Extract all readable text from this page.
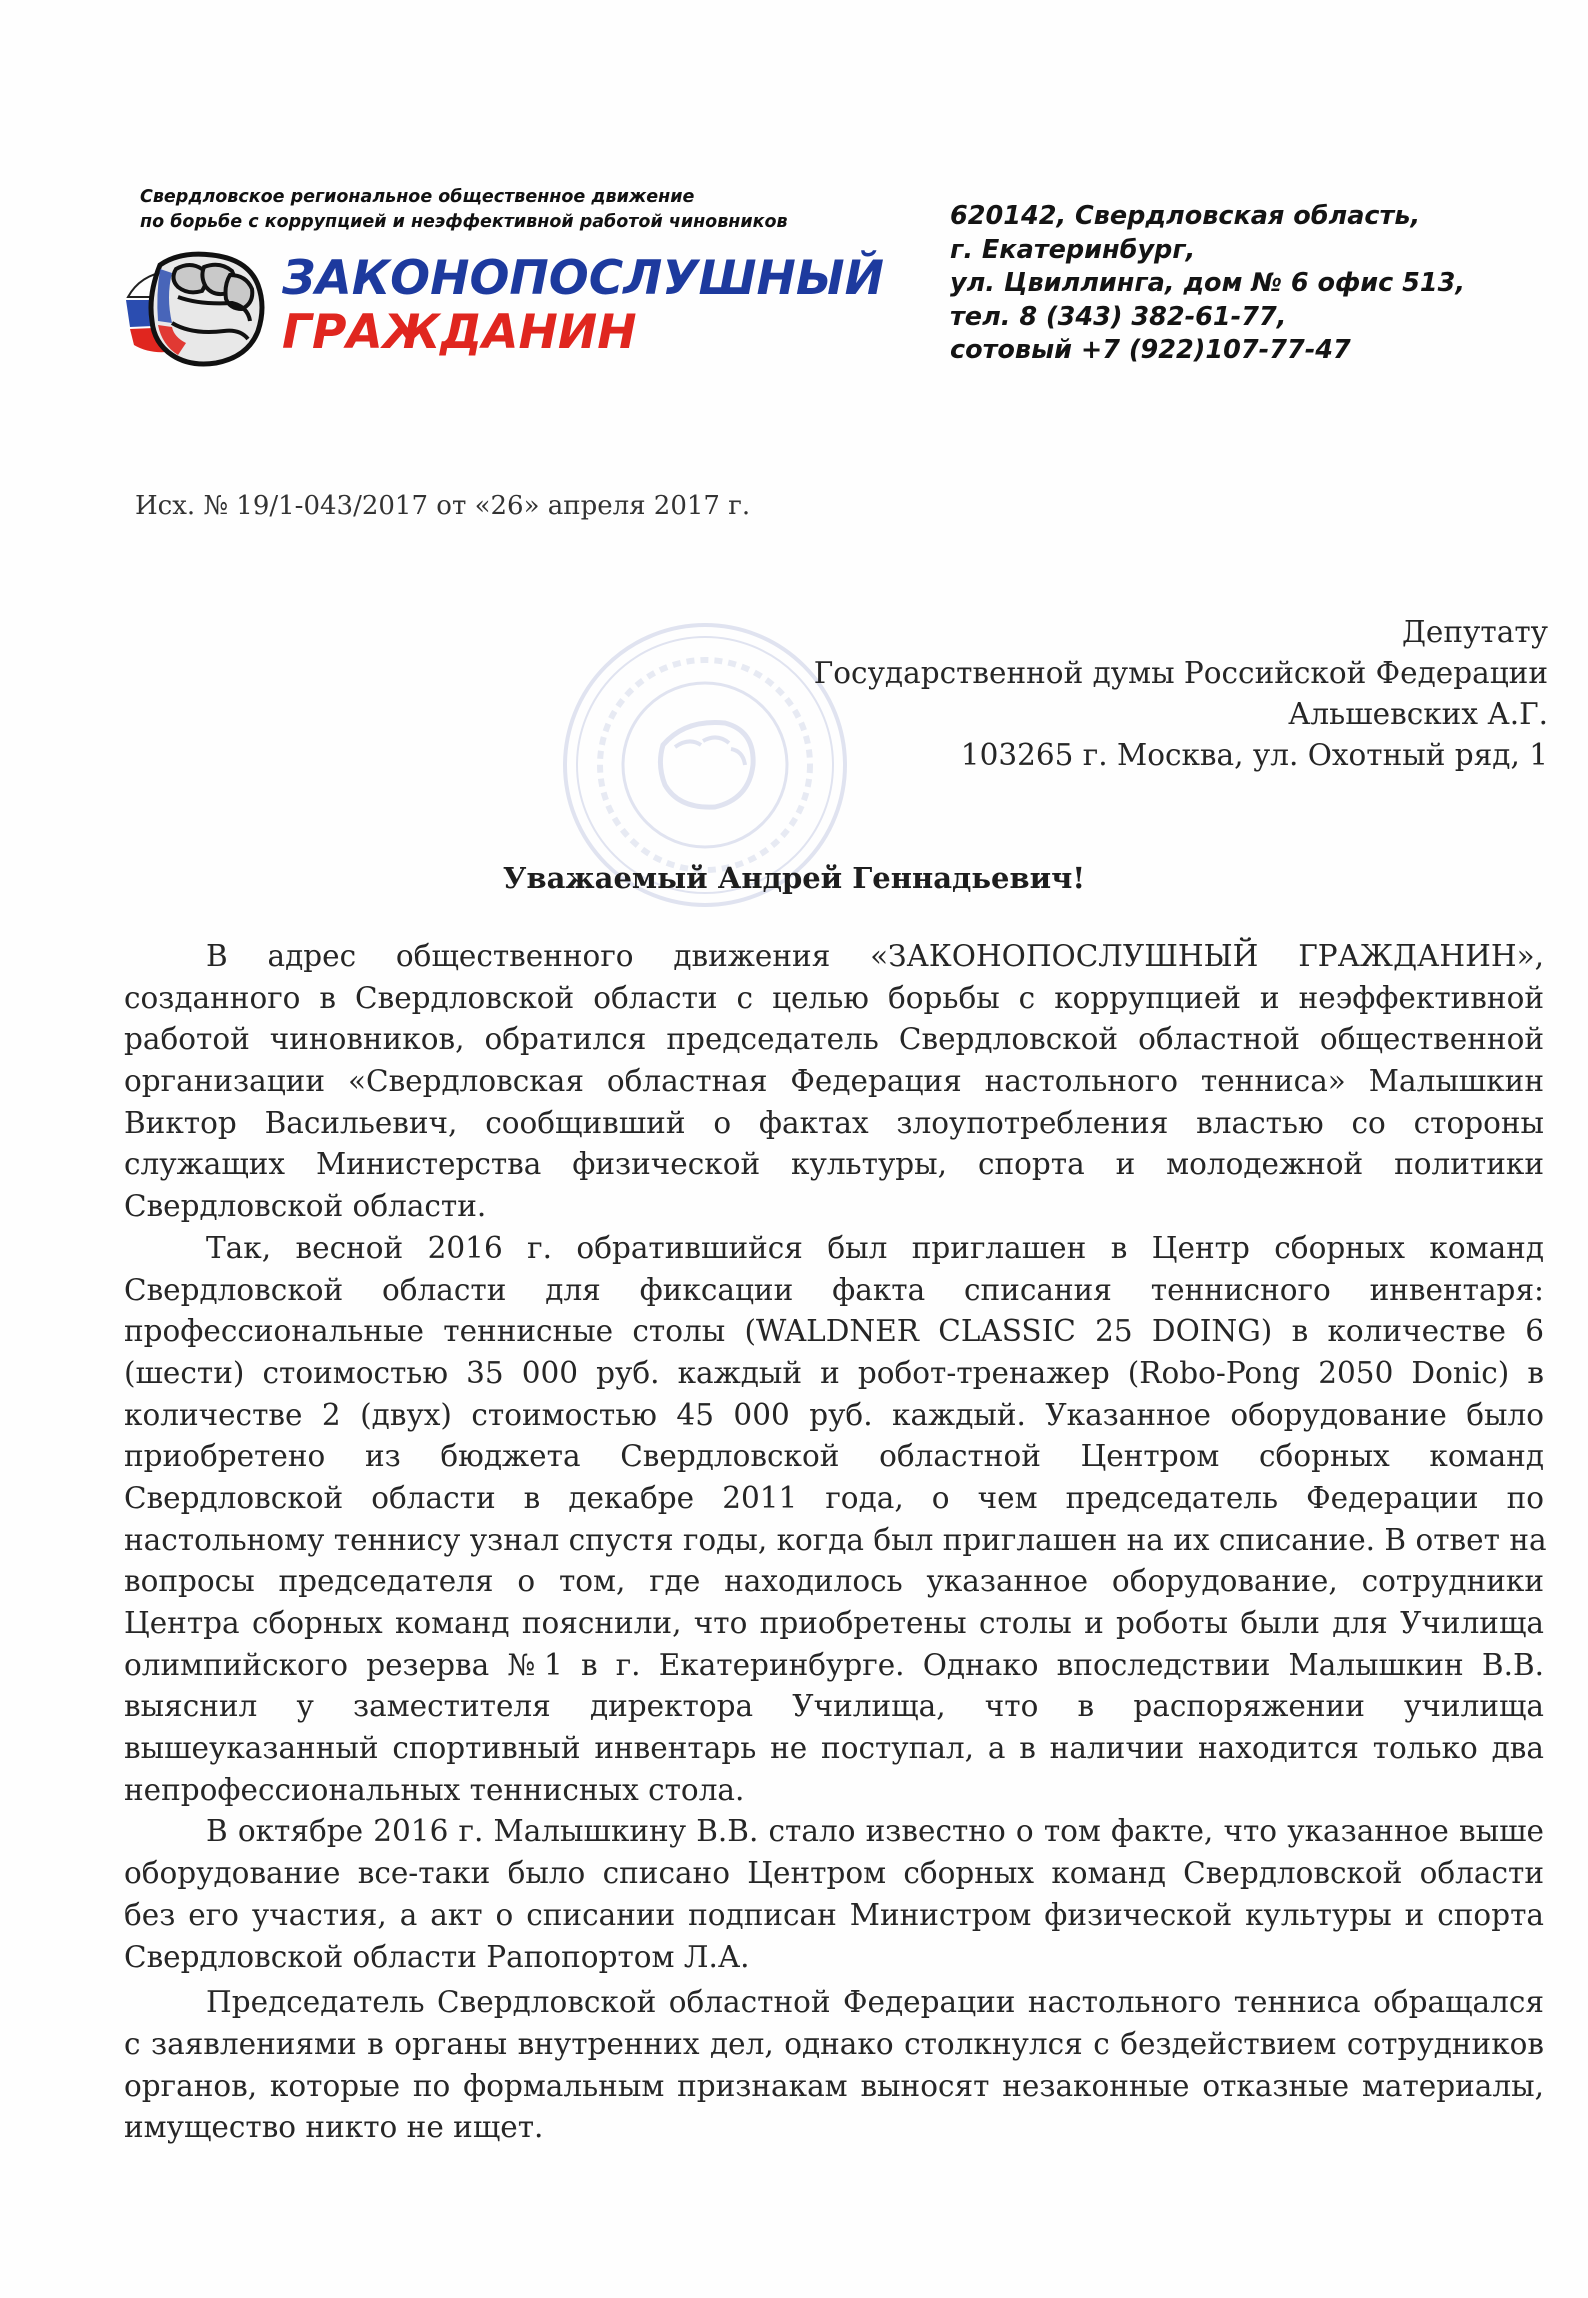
Свердловское региональное общественное движение
по борьбе с коррупцией и неэффективной работой чиновников
ЗАКОНОПОСЛУШНЫЙ
ГРАЖДАНИН
620142, Свердловская область,
г. Екатеринбург,
ул. Цвиллинга, дом № 6 офис 513,
тел. 8 (343) 382-61-77,
сотовый +7 (922)107-77-47
Исх. № 19/1-043/2017 от «26» апреля 2017 г.
Депутату
Государственной думы Российской Федерации
Альшевских А.Г.
103265 г. Москва, ул. Охотный ряд, 1
Уважаемый Андрей Геннадьевич!
В адрес общественного движения «ЗАКОНОПОСЛУШНЫЙ ГРАЖДАНИН»,
созданного в Свердловской области с целью борьбы с коррупцией и неэффективной
работой чиновников, обратился председатель Свердловской областной общественной
организации «Свердловская областная Федерация настольного тенниса» Малышкин
Виктор Васильевич, сообщивший о фактах злоупотребления властью со стороны
служащих Министерства физической культуры, спорта и молодежной политики
Свердловской области.
Так, весной 2016 г. обратившийся был приглашен в Центр сборных команд
Свердловской области для фиксации факта списания теннисного инвентаря:
профессиональные теннисные столы (WALDNER CLASSIC 25 DOING) в количестве 6
(шести) стоимостью 35 000 руб. каждый и робот-тренажер (Robo-Pong 2050 Donic) в
количестве 2 (двух) стоимостью 45 000 руб. каждый. Указанное оборудование было
приобретено из бюджета Свердловской областной Центром сборных команд
Свердловской области в декабре 2011 года, о чем председатель Федерации по
настольному теннису узнал спустя годы, когда был приглашен на их списание. В ответ на
вопросы председателя о том, где находилось указанное оборудование, сотрудники
Центра сборных команд пояснили, что приобретены столы и роботы были для Училища
олимпийского резерва №1 в г. Екатеринбурге. Однако впоследствии Малышкин В.В.
выяснил у заместителя директора Училища, что в распоряжении училища
вышеуказанный спортивный инвентарь не поступал, а в наличии находится только два
непрофессиональных теннисных стола.
В октябре 2016 г. Малышкину В.В. стало известно о том факте, что указанное выше
оборудование все-таки было списано Центром сборных команд Свердловской области
без его участия, а акт о списании подписан Министром физической культуры и спорта
Свердловской области Рапопортом Л.А.
Председатель Свердловской областной Федерации настольного тенниса обращался
с заявлениями в органы внутренних дел, однако столкнулся с бездействием сотрудников
органов, которые по формальным признакам выносят незаконные отказные материалы,
имущество никто не ищет.
